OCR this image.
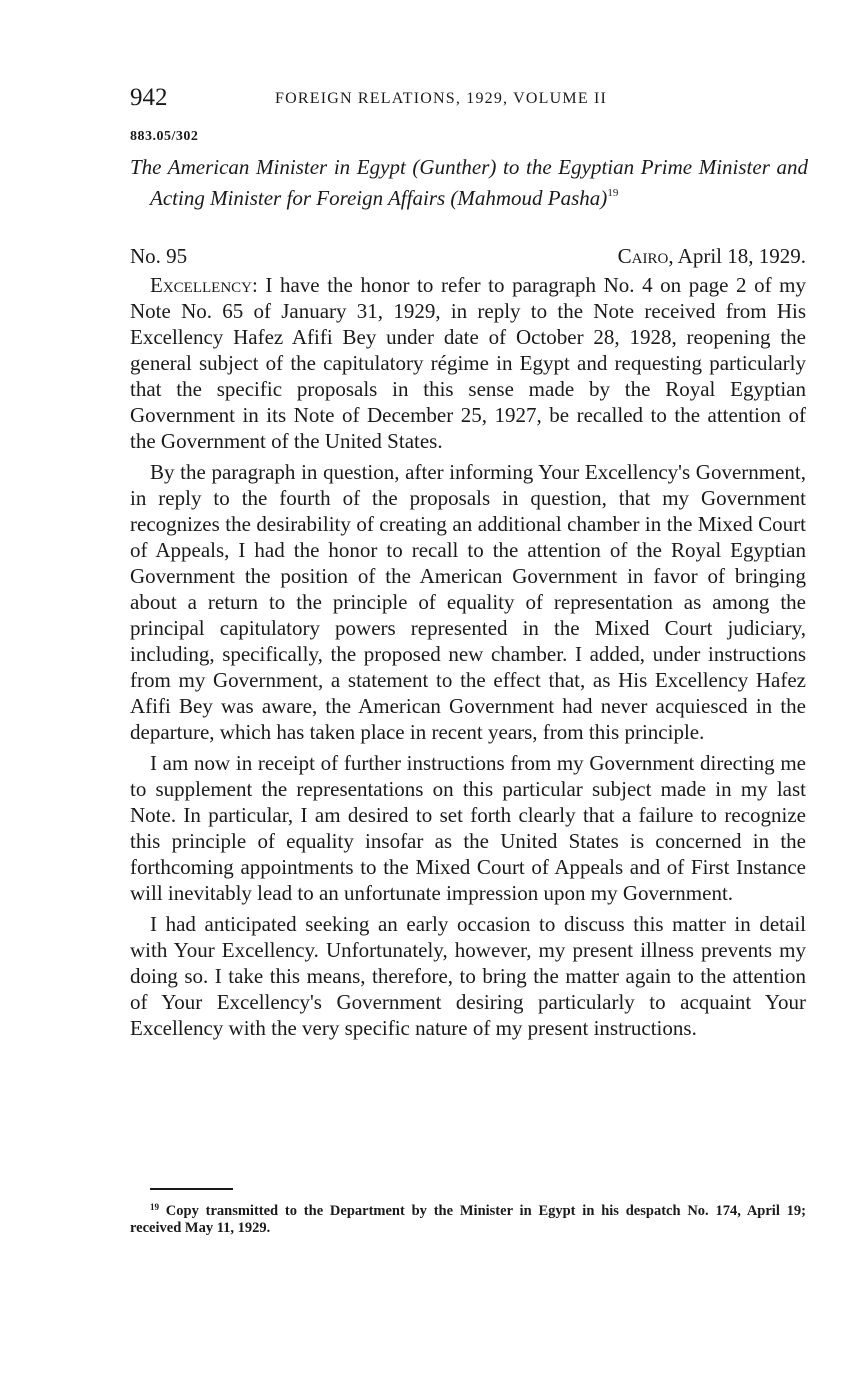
942	FOREIGN RELATIONS, 1929, VOLUME II
883.05/302
The American Minister in Egypt (Gunther) to the Egyptian Prime Minister and Acting Minister for Foreign Affairs (Mahmoud Pasha)$^{19}$
No. 95	Cairo, April 18, 1929.

Excellency: I have the honor to refer to paragraph No. 4 on page 2 of my Note No. 65 of January 31, 1929, in reply to the Note received from His Excellency Hafez Afifi Bey under date of October 28, 1928, reopening the general subject of the capitulatory régime in Egypt and requesting particularly that the specific proposals in this sense made by the Royal Egyptian Government in its Note of December 25, 1927, be recalled to the attention of the Government of the United States.

By the paragraph in question, after informing Your Excellency's Government, in reply to the fourth of the proposals in question, that my Government recognizes the desirability of creating an additional chamber in the Mixed Court of Appeals, I had the honor to recall to the attention of the Royal Egyptian Government the position of the American Government in favor of bringing about a return to the principle of equality of representation as among the principal capitulatory powers represented in the Mixed Court judiciary, including, specifically, the proposed new chamber. I added, under instructions from my Government, a statement to the effect that, as His Excellency Hafez Afifi Bey was aware, the American Government had never acquiesced in the departure, which has taken place in recent years, from this principle.

I am now in receipt of further instructions from my Government directing me to supplement the representations on this particular subject made in my last Note. In particular, I am desired to set forth clearly that a failure to recognize this principle of equality insofar as the United States is concerned in the forthcoming appointments to the Mixed Court of Appeals and of First Instance will inevitably lead to an unfortunate impression upon my Government.

I had anticipated seeking an early occasion to discuss this matter in detail with Your Excellency. Unfortunately, however, my present illness prevents my doing so. I take this means, therefore, to bring the matter again to the attention of Your Excellency's Government desiring particularly to acquaint Your Excellency with the very specific nature of my present instructions.

$^{19}$ Copy transmitted to the Department by the Minister in Egypt in his despatch No. 174, April 19; received May 11, 1929.
